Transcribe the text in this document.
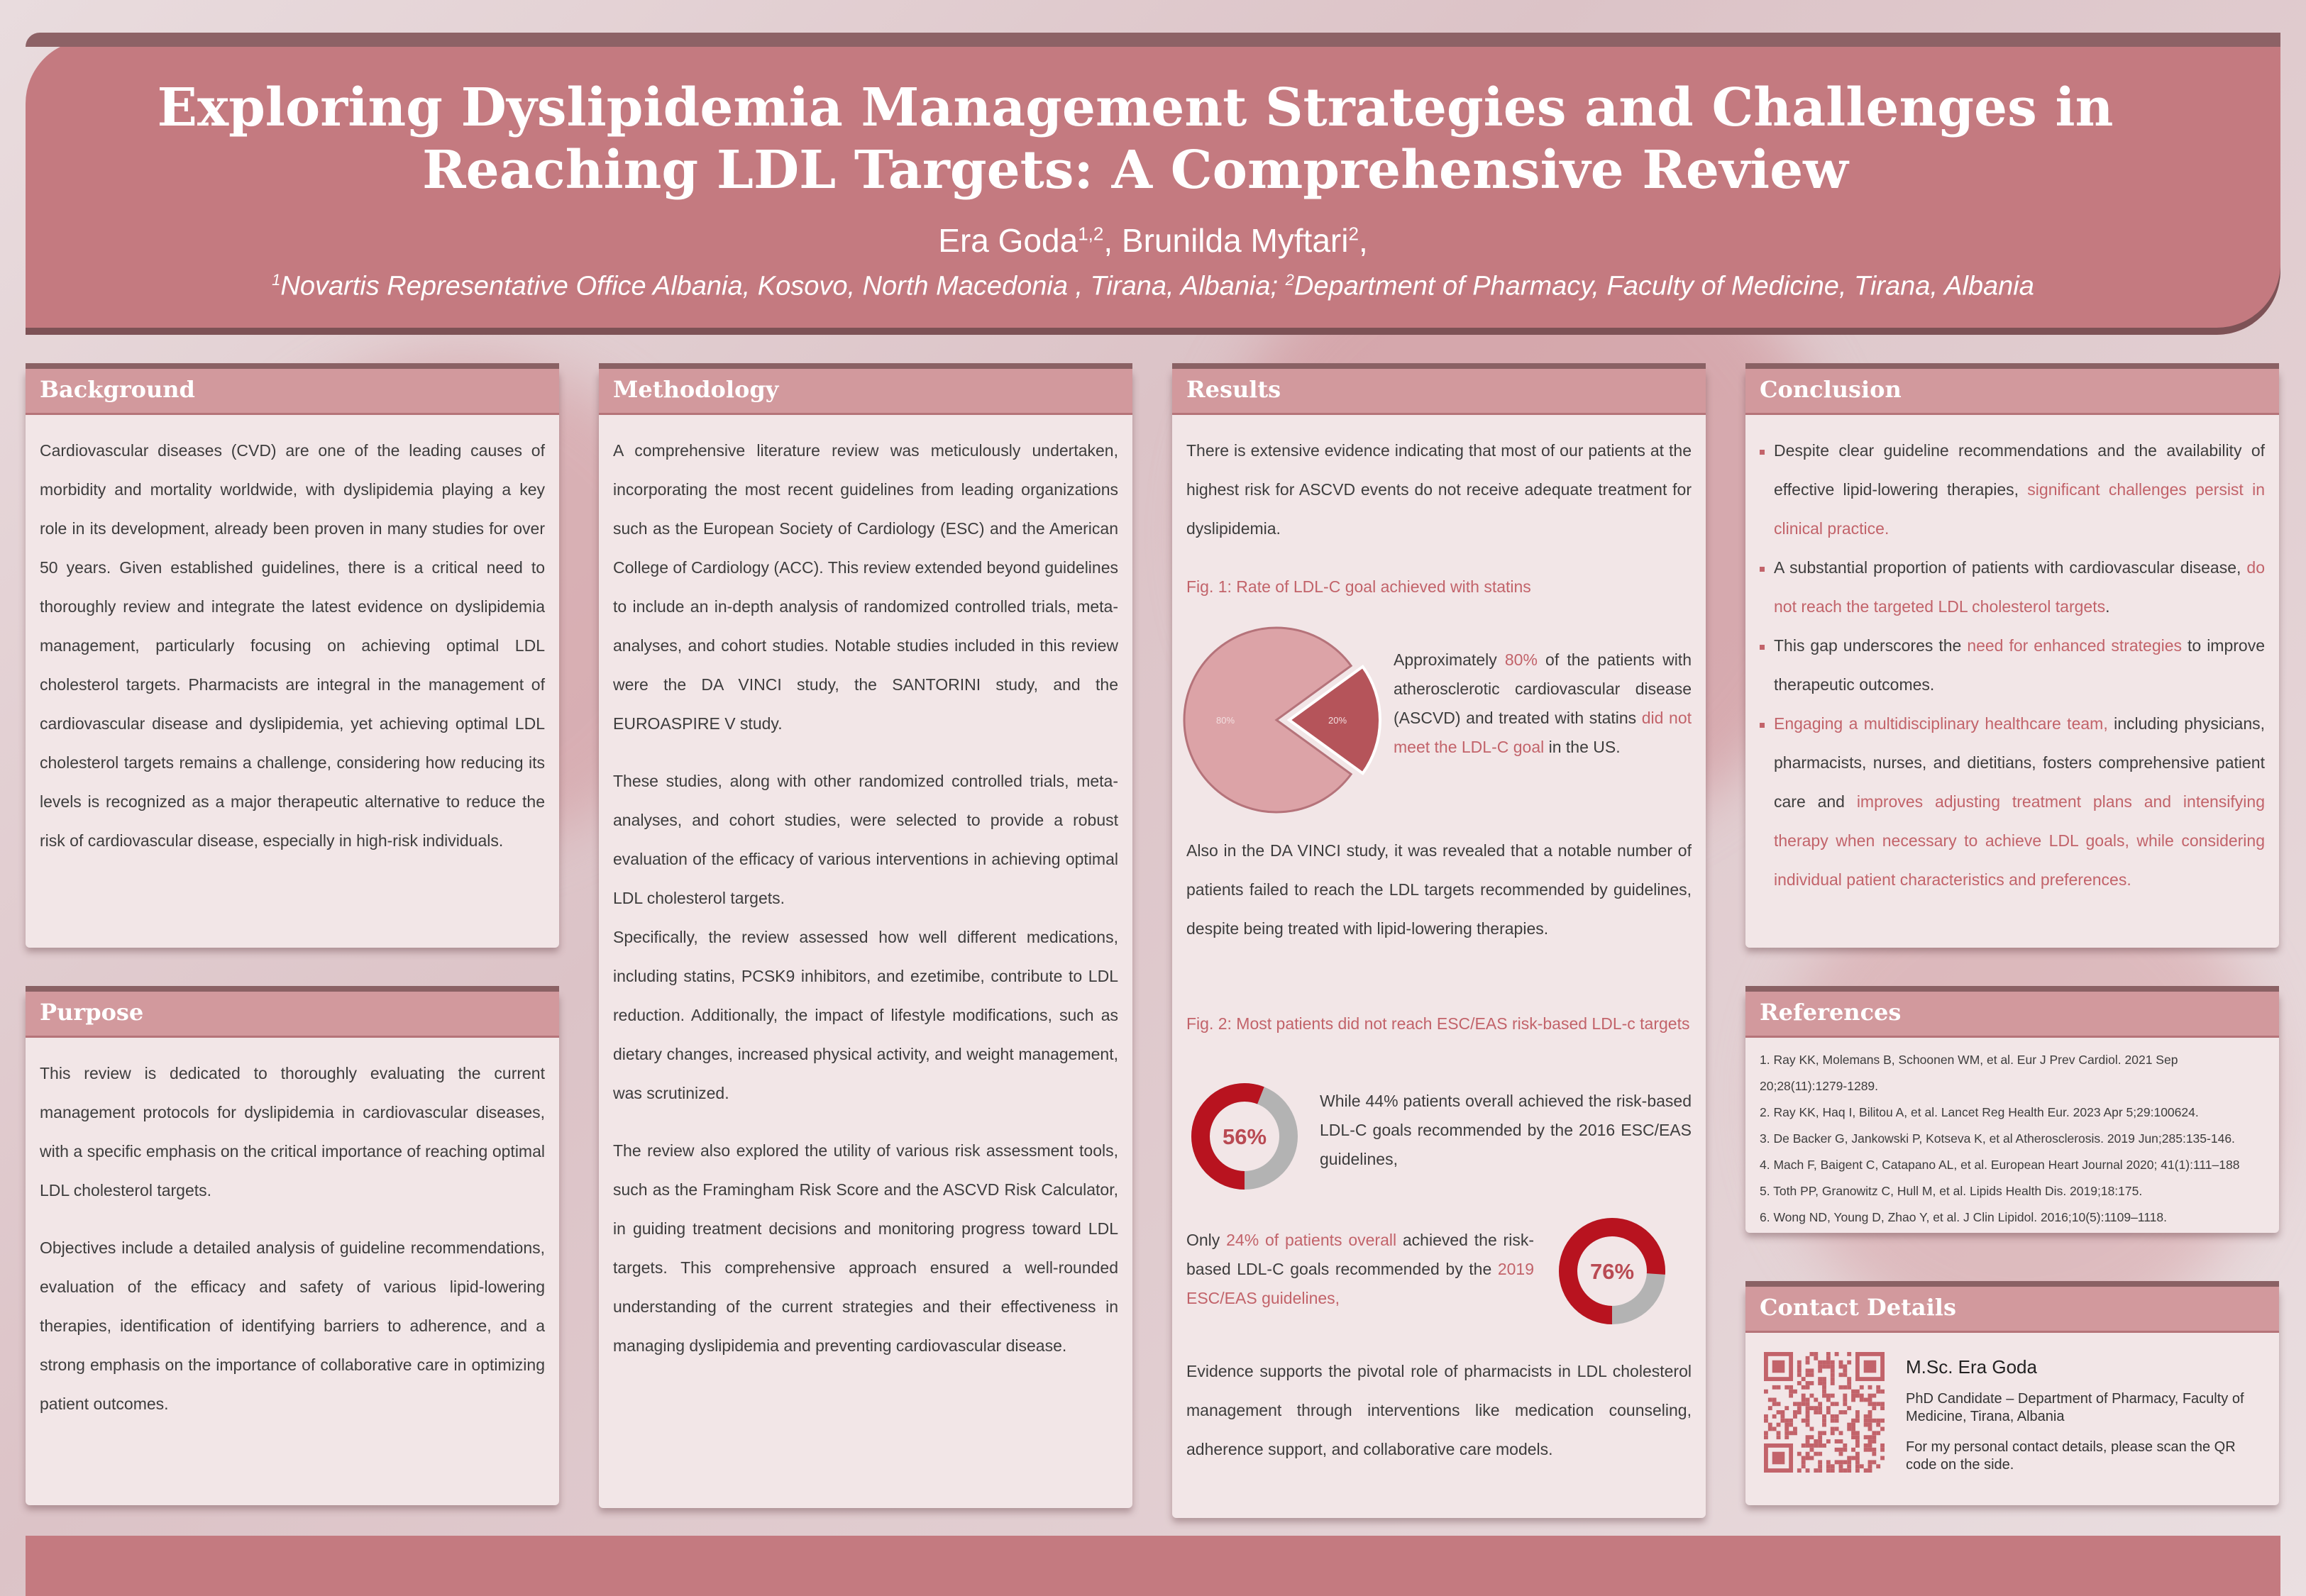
Exploring Dyslipidemia Management Strategies and Challenges in Reaching LDL Targets: A Comprehensive Review
Era Goda$^{1,2}$, Brunilda Myftari$^2$,
$^1$Novartis Representative Office Albania, Kosovo, North Macedonia , Tirana, Albania; $^2$Department of Pharmacy, Faculty of Medicine, Tirana, Albania
Background

Cardiovascular diseases (CVD) are one of the leading causes of morbidity and mortality worldwide, with dyslipidemia playing a key role in its development, already been proven in many studies for over 50 years. Given established guidelines, there is a critical need to thoroughly review and integrate the latest evidence on dyslipidemia management, particularly focusing on achieving optimal LDL cholesterol targets. Pharmacists are integral in the management of cardiovascular disease and dyslipidemia, yet achieving optimal LDL cholesterol targets remains a challenge, considering how reducing its levels is recognized as a major therapeutic alternative to reduce the risk of cardiovascular disease, especially in high-risk individuals.

Purpose

This review is dedicated to thoroughly evaluating the current management protocols for dyslipidemia in cardiovascular diseases, with a specific emphasis on the critical importance of reaching optimal LDL cholesterol targets.

Objectives include a detailed analysis of guideline recommendations, evaluation of the efficacy and safety of various lipid-lowering therapies, identification of identifying barriers to adherence, and a strong emphasis on the importance of collaborative care in optimizing patient outcomes.

Methodology

A comprehensive literature review was meticulously undertaken, incorporating the most recent guidelines from leading organizations such as the European Society of Cardiology (ESC) and the American College of Cardiology (ACC). This review extended beyond guidelines to include an in-depth analysis of randomized controlled trials, meta-analyses, and cohort studies. Notable studies included in this review were the DA VINCI study, the SANTORINI study, and the EUROASPIRE V study.

These studies, along with other randomized controlled trials, meta-analyses, and cohort studies, were selected to provide a robust evaluation of the efficacy of various interventions in achieving optimal LDL cholesterol targets.

Specifically, the review assessed how well different medications, including statins, PCSK9 inhibitors, and ezetimibe, contribute to LDL reduction. Additionally, the impact of lifestyle modifications, such as dietary changes, increased physical activity, and weight management, was scrutinized.

The review also explored the utility of various risk assessment tools, such as the Framingham Risk Score and the ASCVD Risk Calculator, in guiding treatment decisions and monitoring progress toward LDL targets. This comprehensive approach ensured a well-rounded understanding of the current strategies and their effectiveness in managing dyslipidemia and preventing cardiovascular disease.

Results

There is extensive evidence indicating that most of our patients at the highest risk for ASCVD events do not receive adequate treatment for dyslipidemia.

Fig. 1: Rate of LDL-C goal achieved with statins
80%	20%
Approximately 80% of the patients with atherosclerotic cardiovascular disease (ASCVD) and treated with statins did not meet the LDL-C goal in the US.

Also in the DA VINCI study, it was revealed that a notable number of patients failed to reach the LDL targets recommended by guidelines, despite being treated with lipid-lowering therapies.

Fig. 2: Most patients did not reach ESC/EAS risk-based LDL-c targets
56%
While 44% patients overall achieved the risk-based LDL-C goals recommended by the 2016 ESC/EAS guidelines,
Only 24% of patients overall achieved the risk-based LDL-C goals recommended by the 2019 ESC/EAS guidelines,
76%

Evidence supports the pivotal role of pharmacists in LDL cholesterol management through interventions like medication counseling, adherence support, and collaborative care models.

Conclusion

Despite clear guideline recommendations and the availability of effective lipid-lowering therapies, significant challenges persist in clinical practice.

A substantial proportion of patients with cardiovascular disease, do not reach the targeted LDL cholesterol targets.

This gap underscores the need for enhanced strategies to improve therapeutic outcomes.

Engaging a multidisciplinary healthcare team, including physicians, pharmacists, nurses, and dietitians, fosters comprehensive patient care and improves adjusting treatment plans and intensifying therapy when necessary to achieve LDL goals, while considering individual patient characteristics and preferences.

References
1. Ray KK, Molemans B, Schoonen WM, et al. Eur J Prev Cardiol. 2021 Sep 20;28(11):1279-1289.
2. Ray KK, Haq I, Bilitou A, et al. Lancet Reg Health Eur. 2023 Apr 5;29:100624.
3. De Backer G, Jankowski P, Kotseva K, et al Atherosclerosis. 2019 Jun;285:135-146.
4. Mach F, Baigent C, Catapano AL, et al. European Heart Journal 2020; 41(1):111–188
5. Toth PP, Granowitz C, Hull M, et al. Lipids Health Dis. 2019;18:175.
6. Wong ND, Young D, Zhao Y, et al. J Clin Lipidol. 2016;10(5):1109–1118.
Contact Details
M.Sc. Era Goda
PhD Candidate – Department of Pharmacy, Faculty of Medicine, Tirana, Albania
For my personal contact details, please scan the QR code on the side.
